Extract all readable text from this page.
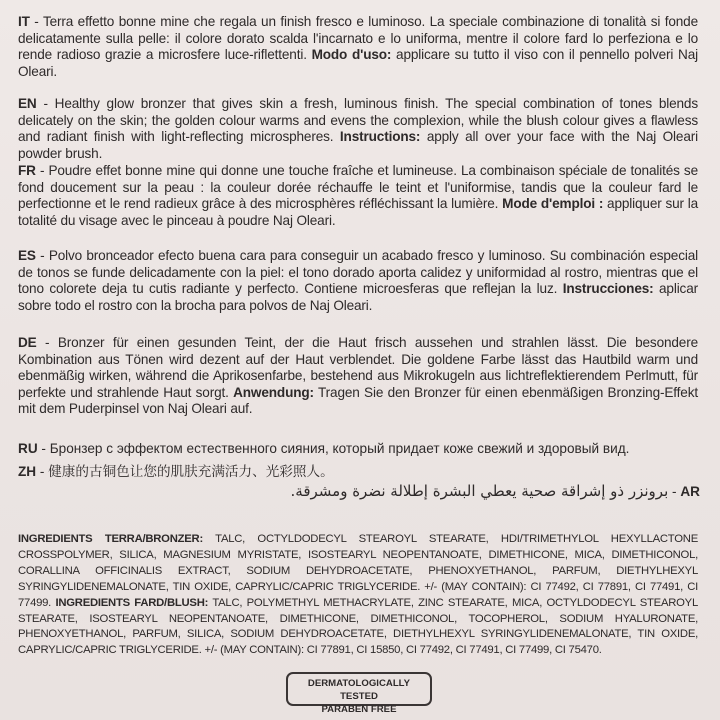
IT - Terra effetto bonne mine che regala un finish fresco e luminoso. La speciale combinazione di tonalità si fonde delicatamente sulla pelle: il colore dorato scalda l'incarnato e lo uniforma, mentre il colore fard lo perfeziona e lo rende radioso grazie a microsfere luce-riflettenti. Modo d'uso: applicare su tutto il viso con il pennello polveri Naj Oleari.

EN - Healthy glow bronzer that gives skin a fresh, luminous finish. The special combination of tones blends delicately on the skin; the golden colour warms and evens the complexion, while the blush colour gives a flawless and radiant finish with light-reflecting microspheres. Instructions: apply all over your face with the Naj Oleari powder brush.

FR - Poudre effet bonne mine qui donne une touche fraîche et lumineuse. La combinaison spéciale de tonalités se fond doucement sur la peau : la couleur dorée réchauffe le teint et l'uniformise, tandis que la couleur fard le perfectionne et le rend radieux grâce à des microsphères réfléchissant la lumière. Mode d'emploi : appliquer sur la totalité du visage avec le pinceau à poudre Naj Oleari.

ES - Polvo bronceador efecto buena cara para conseguir un acabado fresco y luminoso. Su combinación especial de tonos se funde delicadamente con la piel: el tono dorado aporta calidez y uniformidad al rostro, mientras que el tono colorete deja tu cutis radiante y perfecto. Contiene microesferas que reflejan la luz. Instrucciones: aplicar sobre todo el rostro con la brocha para polvos de Naj Oleari.

DE - Bronzer für einen gesunden Teint, der die Haut frisch aussehen und strahlen lässt. Die besondere Kombination aus Tönen wird dezent auf der Haut verblendet. Die goldene Farbe lässt das Hautbild warm und ebenmäßig wirken, während die Aprikosenfarbe, bestehend aus Mikrokugeln aus lichtreflektierendem Perlmutt, für perfekte und strahlende Haut sorgt. Anwendung: Tragen Sie den Bronzer für einen ebenmäßigen Bronzing-Effekt mit dem Puderpinsel von Naj Oleari auf.

RU - Бронзер с эффектом естественного сияния, который придает коже свежий и здоровый вид.
ZH - 健康的古铜色让您的肌肤充满活力、光彩照人。
AR - برونزر ذو إشراقة صحية يعطي البشرة إطلالة نضرة ومشرقة.

INGREDIENTS TERRA/BRONZER: TALC, OCTYLDODECYL STEAROYL STEARATE, HDI/TRIMETHYLOL HEXYLLACTONE CROSSPOLYMER, SILICA, MAGNESIUM MYRISTATE, ISOSTEARYL NEOPENTANOATE, DIMETHICONE, MICA, DIMETHICONOL, CORALLINA OFFICINALIS EXTRACT, SODIUM DEHYDROACETATE, PHENOXYETHANOL, PARFUM, DIETHYLHEXYL SYRINGYLIDENEMALONATE, TIN OXIDE, CAPRYLIC/CAPRIC TRIGLYCERIDE. +/- (MAY CONTAIN): CI 77492, CI 77891, CI 77491, CI 77499. INGREDIENTS FARD/BLUSH: TALC, POLYMETHYL METHACRYLATE, ZINC STEARATE, MICA, OCTYLDODECYL STEAROYL STEARATE, ISOSTEARYL NEOPENTANOATE, DIMETHICONE, DIMETHICONOL, TOCOPHEROL, SODIUM HYALURONATE, PHENOXYETHANOL, PARFUM, SILICA, SODIUM DEHYDROACETATE, DIETHYLHEXYL SYRINGYLIDENEMALONATE, TIN OXIDE, CAPRYLIC/CAPRIC TRIGLYCERIDE. +/- (MAY CONTAIN): CI 77891, CI 15850, CI 77492, CI 77491, CI 77499, CI 75470.

DERMATOLOGICALLY TESTED
PARABEN FREE
